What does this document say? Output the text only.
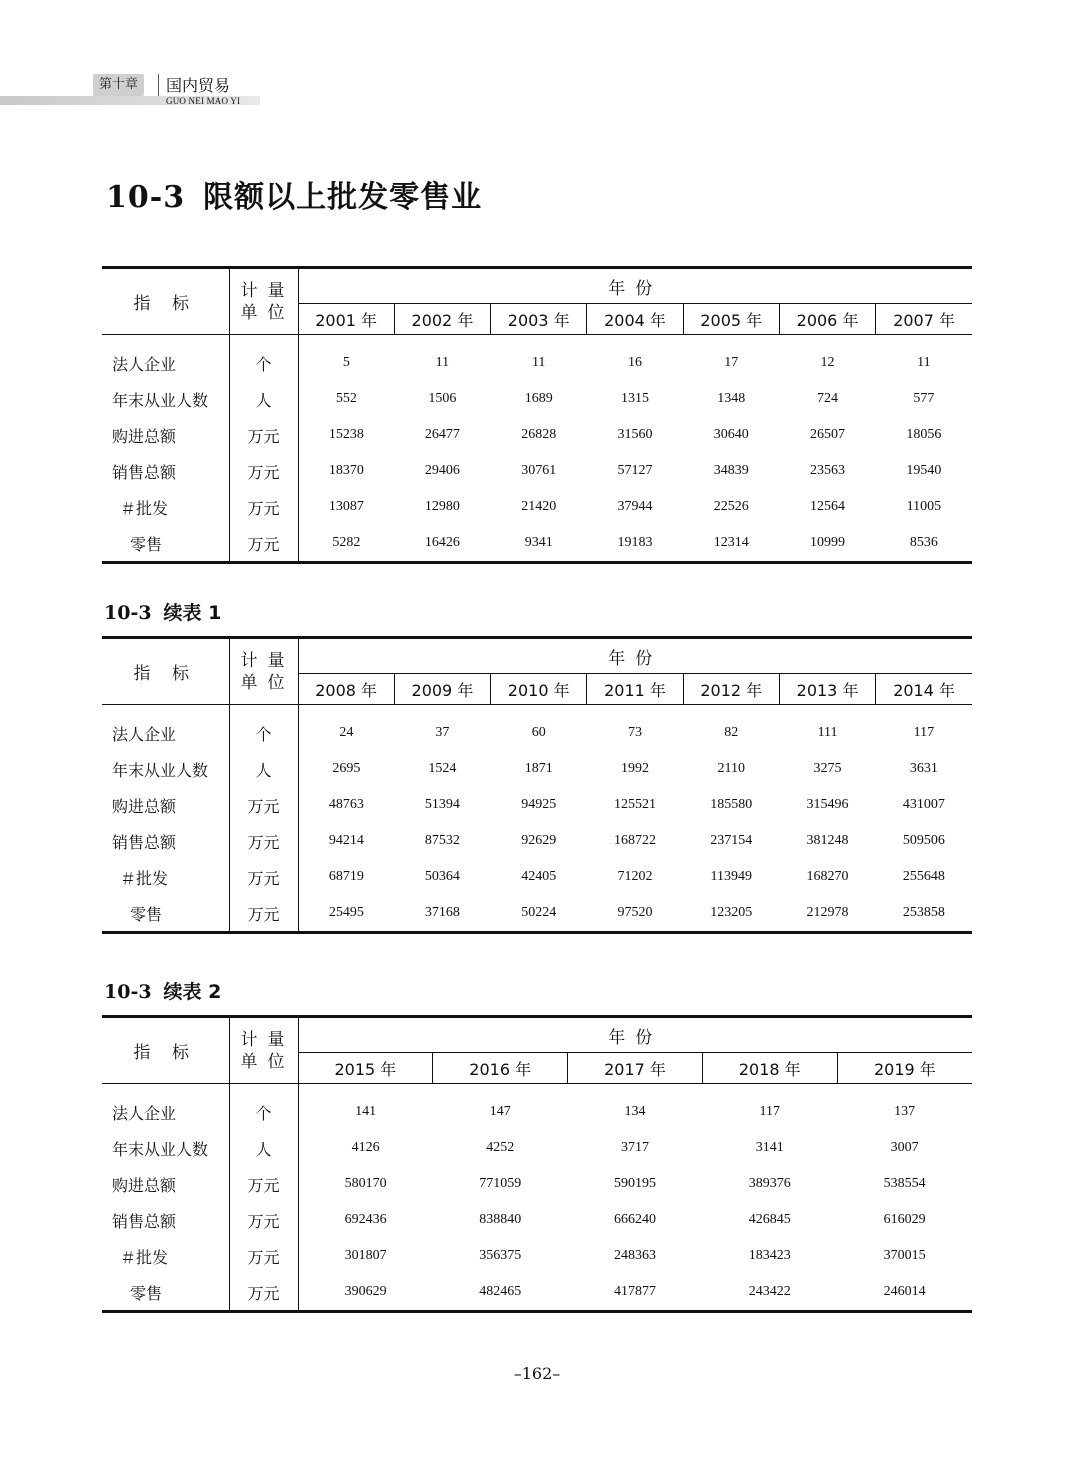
第十章	国内贸易
GUO NEI MAO YI
10-3 限额以上批发零售业
指 标	计量
单位	年份						
		2001 年	2002 年	2003 年	2004 年	2005 年	2006 年	2007 年

法人企业	个	5	11	11	16	17	12	11
年末从业人数	人	552	1506	1689	1315	1348	724	577
购进总额	万元	15238	26477	26828	31560	30640	26507	18056
销售总额	万元	18370	29406	30761	57127	34839	23563	19540
＃批发	万元	13087	12980	21420	37944	22526	12564	11005
零售	万元	5282	16426	9341	19183	12314	10999	8536
10-3 续表 1
指 标	计量
单位	年份						
		2008 年	2009 年	2010 年	2011 年	2012 年	2013 年	2014 年

法人企业	个	24	37	60	73	82	111	117
年末从业人数	人	2695	1524	1871	1992	2110	3275	3631
购进总额	万元	48763	51394	94925	125521	185580	315496	431007
销售总额	万元	94214	87532	92629	168722	237154	381248	509506
＃批发	万元	68719	50364	42405	71202	113949	168270	255648
零售	万元	25495	37168	50224	97520	123205	212978	253858
10-3 续表 2
指 标	计量
单位	年份				
		2015 年	2016 年	2017 年	2018 年	2019 年

法人企业	个	141	147	134	117	137
年末从业人数	人	4126	4252	3717	3141	3007
购进总额	万元	580170	771059	590195	389376	538554
销售总额	万元	692436	838840	666240	426845	616029
＃批发	万元	301807	356375	248363	183423	370015
零售	万元	390629	482465	417877	243422	246014
–162–
